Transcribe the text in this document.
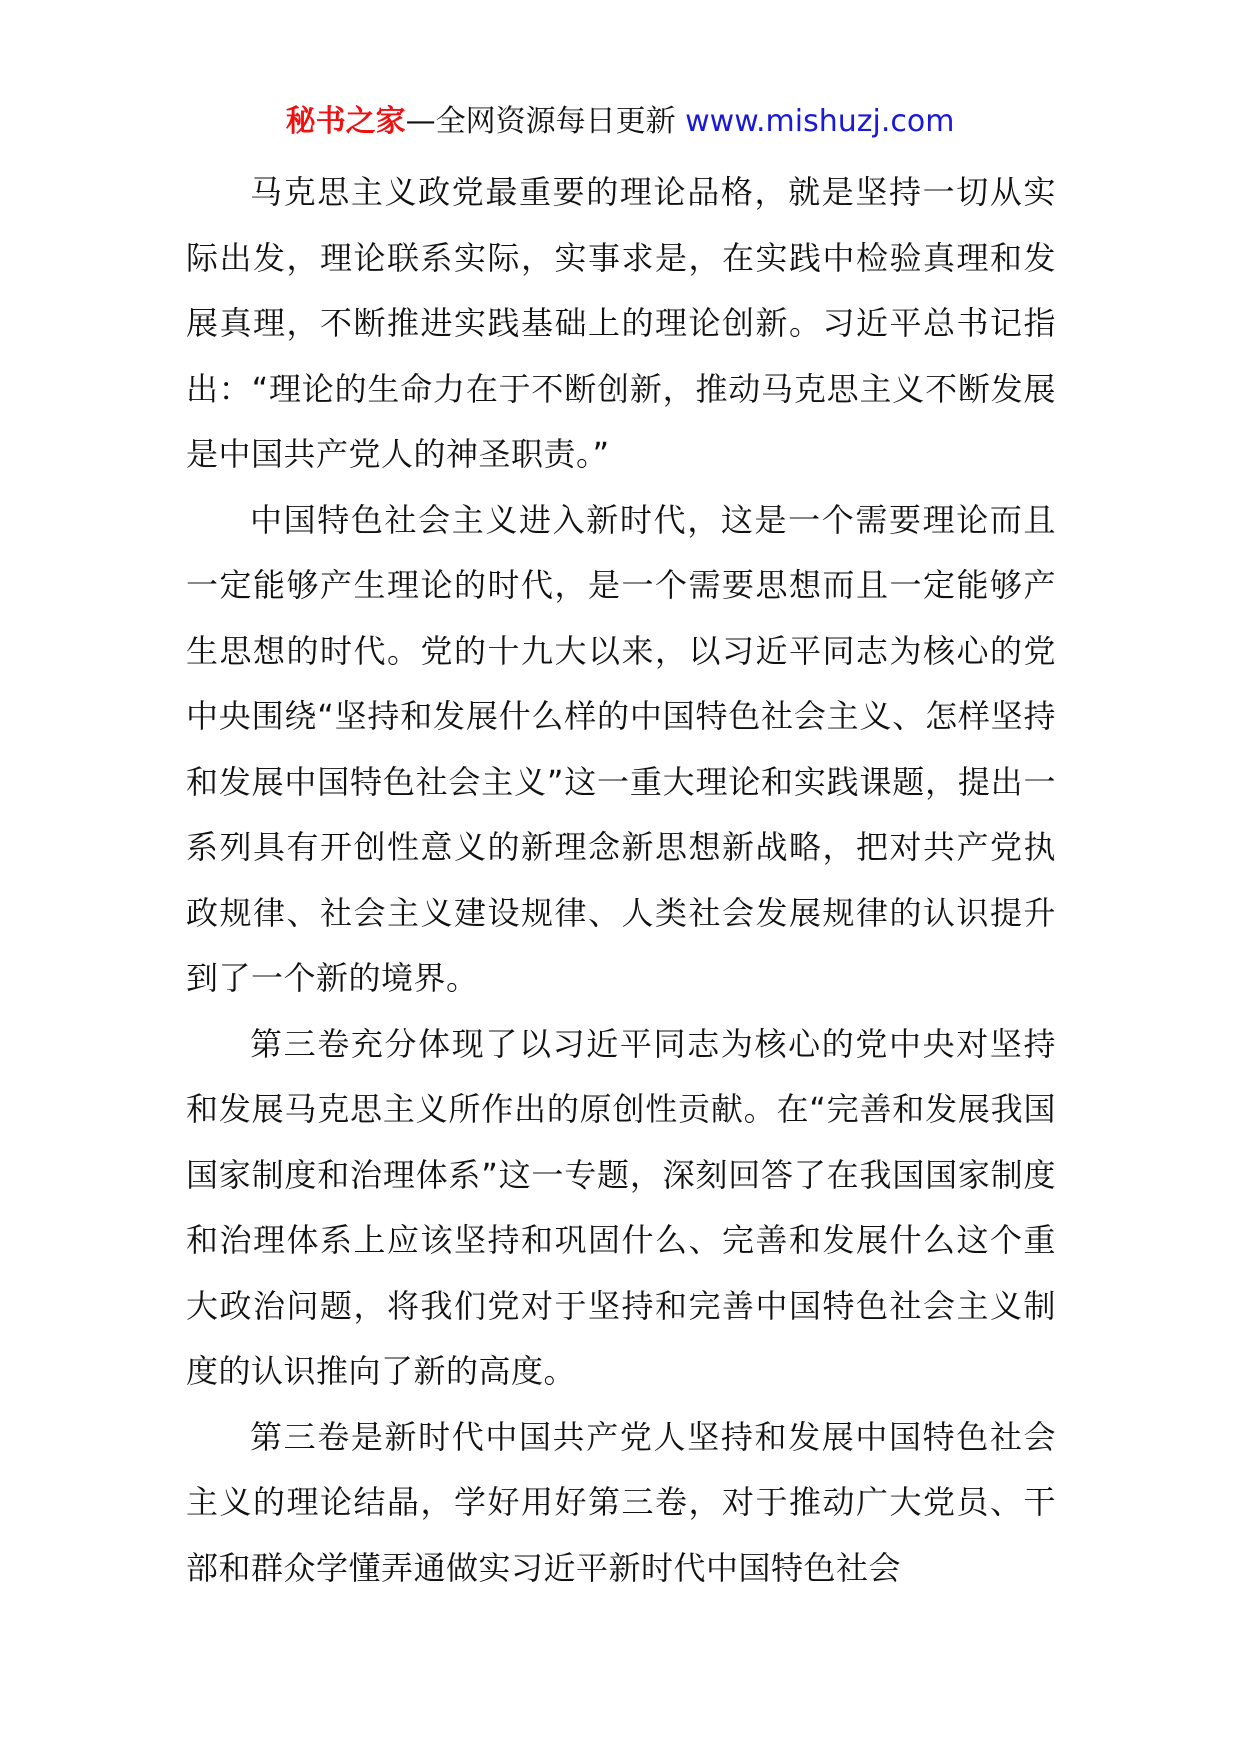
秘书之家—全网资源每日更新 www.mishuzj.com

马克思主义政党最重要的理论品格，就是坚持一切从实际出发，理论联系实际，实事求是，在实践中检验真理和发展真理，不断推进实践基础上的理论创新。习近平总书记指出：“理论的生命力在于不断创新，推动马克思主义不断发展是中国共产党人的神圣职责。”

中国特色社会主义进入新时代，这是一个需要理论而且一定能够产生理论的时代，是一个需要思想而且一定能够产生思想的时代。党的十九大以来，以习近平同志为核心的党中央围绕“坚持和发展什么样的中国特色社会主义、怎样坚持和发展中国特色社会主义”这一重大理论和实践课题，提出一系列具有开创性意义的新理念新思想新战略，把对共产党执政规律、社会主义建设规律、人类社会发展规律的认识提升到了一个新的境界。

第三卷充分体现了以习近平同志为核心的党中央对坚持和发展马克思主义所作出的原创性贡献。在“完善和发展我国国家制度和治理体系”这一专题，深刻回答了在我国国家制度和治理体系上应该坚持和巩固什么、完善和发展什么这个重大政治问题，将我们党对于坚持和完善中国特色社会主义制度的认识推向了新的高度。

第三卷是新时代中国共产党人坚持和发展中国特色社会主义的理论结晶，学好用好第三卷，对于推动广大党员、干部和群众学懂弄通做实习近平新时代中国特色社会
